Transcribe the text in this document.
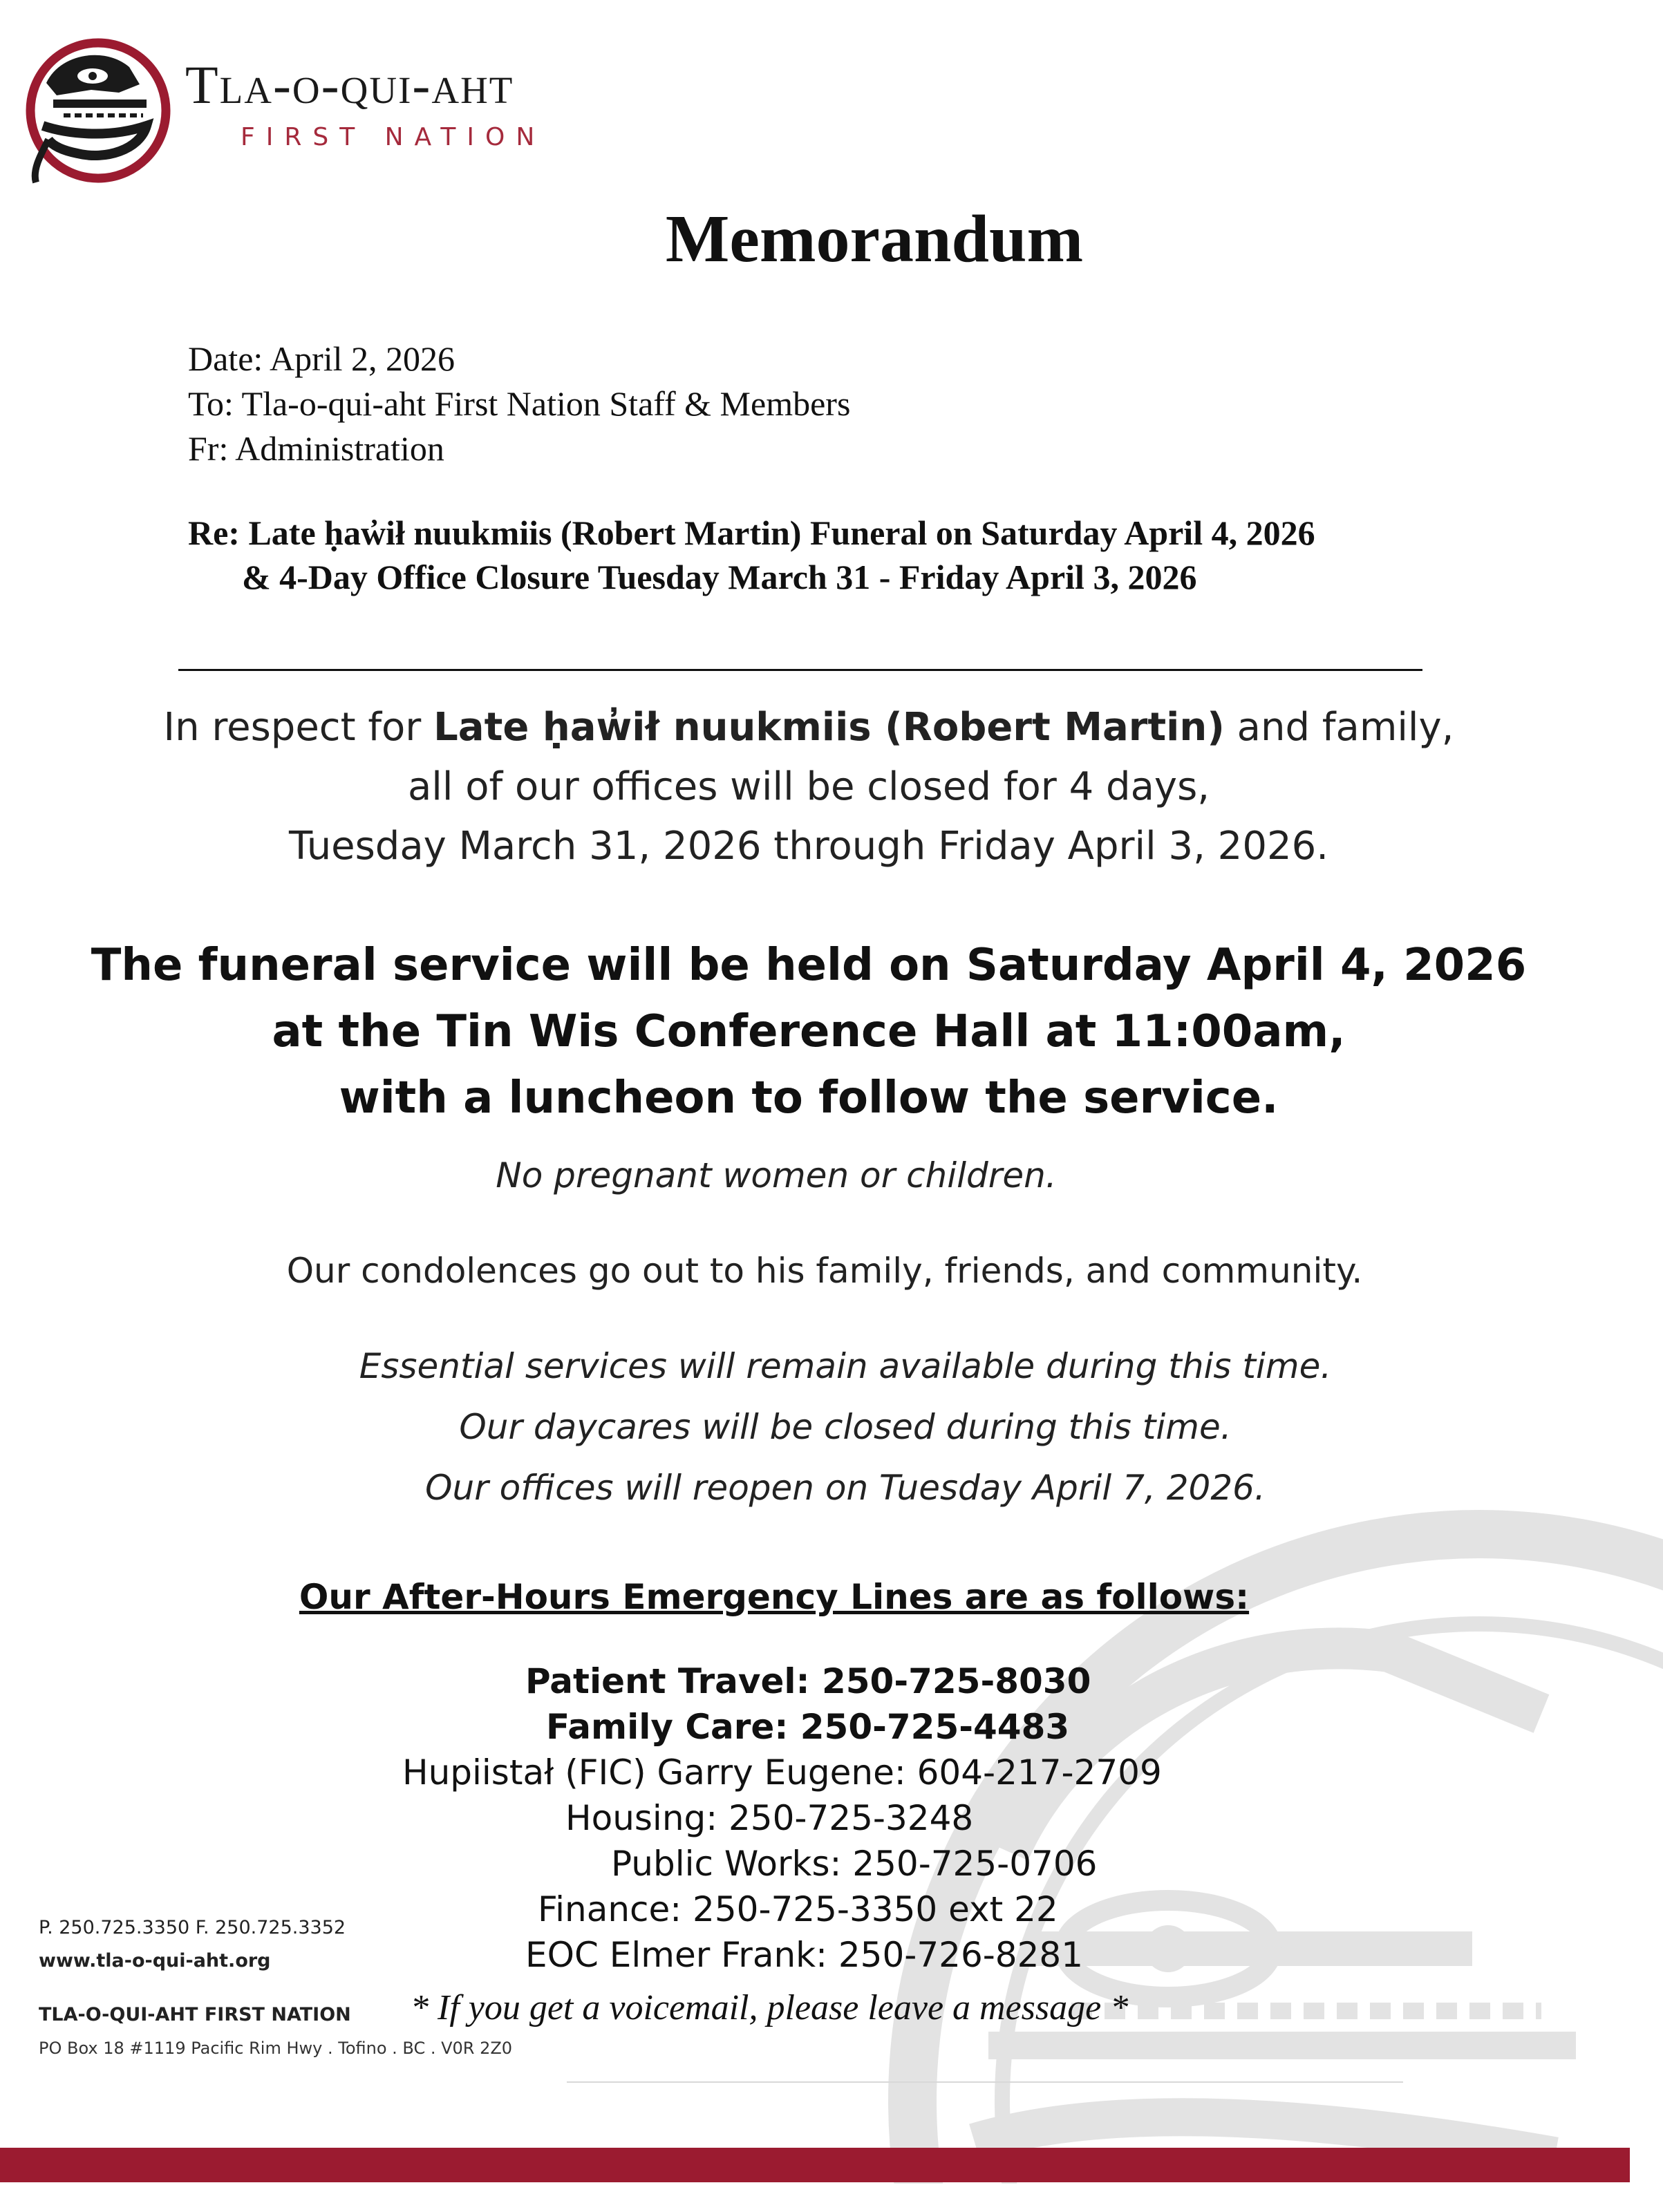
Tla-o-qui-aht
FIRST NATION
Memorandum
Date: April 2, 2026
To: Tla-o-qui-aht First Nation Staff & Members
Fr: Administration
Re: Late ḥaw̓ił nuukmiis (Robert Martin) Funeral on Saturday April 4, 2026
& 4-Day Office Closure Tuesday March 31 - Friday April 3, 2026
In respect for Late ḥaw̓ił nuukmiis (Robert Martin) and family,
all of our offices will be closed for 4 days,
Tuesday March 31, 2026 through Friday April 3, 2026.
The funeral service will be held on Saturday April 4, 2026
at the Tin Wis Conference Hall at 11:00am,
with a luncheon to follow the service.
No pregnant women or children.
Our condolences go out to his family, friends, and community.
Essential services will remain available during this time.
Our daycares will be closed during this time.
Our offices will reopen on Tuesday April 7, 2026.
Our After-Hours Emergency Lines are as follows:
Patient Travel: 250-725-8030
Family Care: 250-725-4483
Hupiistał (FIC) Garry Eugene: 604-217-2709
Housing: 250-725-3248
Public Works: 250-725-0706
Finance: 250-725-3350 ext 22
EOC Elmer Frank: 250-726-8281
* If you get a voicemail, please leave a message *
P. 250.725.3350 F. 250.725.3352
www.tla-o-qui-aht.org
TLA-O-QUI-AHT FIRST NATION
PO Box 18 #1119 Pacific Rim Hwy . Tofino . BC . V0R 2Z0
